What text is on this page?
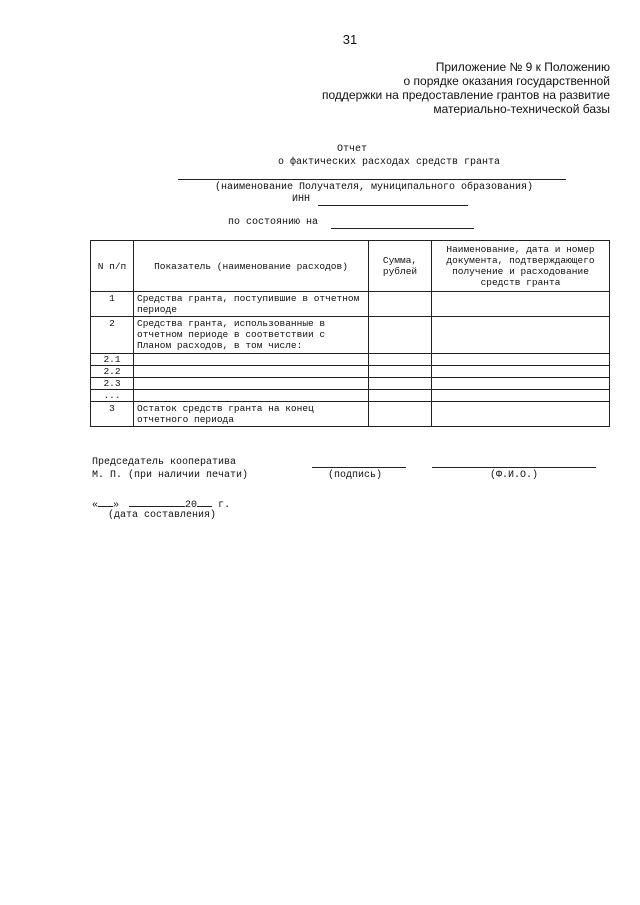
31
Приложение № 9 к Положению
о порядке оказания государственной
поддержки на предоставление грантов на развитие
материально-технической базы
Отчет
о фактических расходах средств гранта
(наименование Получателя, муниципального образования)
ИНН
по состоянию на
N п/п	Показатель (наименование расходов)	Сумма, рублей	Наименование, дата и номер документа, подтверждающего получение и расходование средств гранта
1	Средства гранта, поступившие в отчетном периоде		
2	Средства гранта, использованные в отчетном периоде в соответствии с Планом расходов, в том числе:		
2.1			
2.2			
2.3			
...			
3	Остаток средств гранта на конец отчетного периода		
Председатель кооператива
М. П. (при наличии печати)	(подпись)	(Ф.И.О.)
« »	20 г.
(дата составления)
